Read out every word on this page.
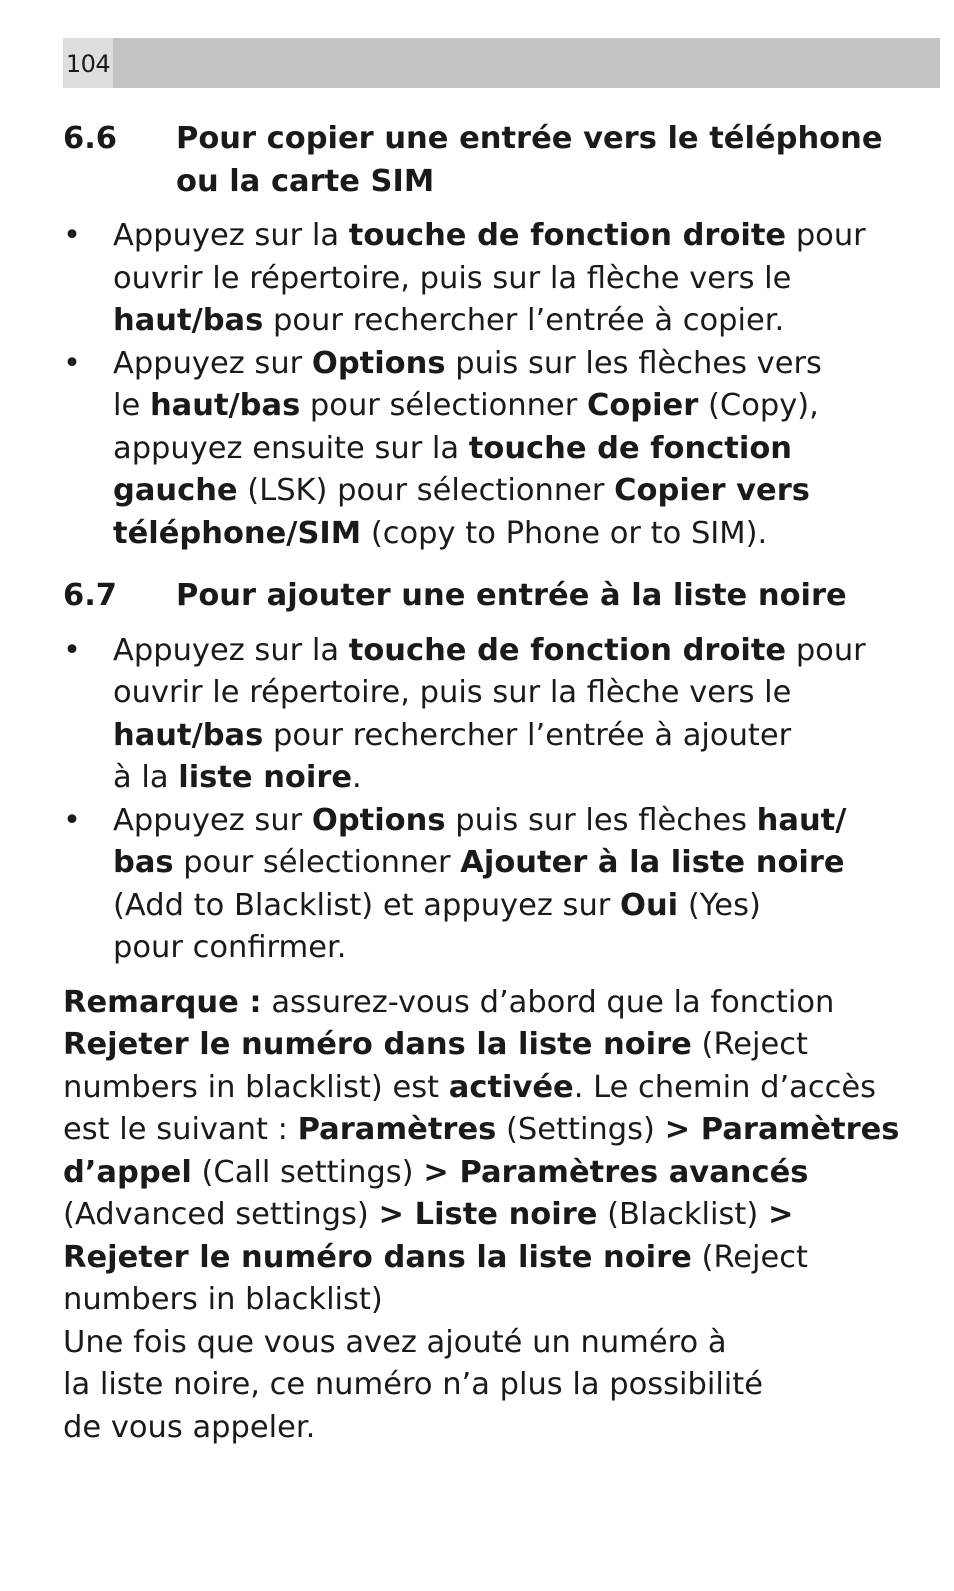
104
6.6	Pour copier une entrée vers le téléphone
ou la carte SIM
• Appuyez sur la touche de fonction droite pour
ouvrir le répertoire, puis sur la flèche vers le
haut/bas pour rechercher l’entrée à copier.
• Appuyez sur Options puis sur les flèches vers
le haut/bas pour sélectionner Copier (Copy),
appuyez ensuite sur la touche de fonction
gauche (LSK) pour sélectionner Copier vers
téléphone/SIM (copy to Phone or to SIM).
6.7	Pour ajouter une entrée à la liste noire
• Appuyez sur la touche de fonction droite pour
ouvrir le répertoire, puis sur la flèche vers le
haut/bas pour rechercher l’entrée à ajouter
à la liste noire.
• Appuyez sur Options puis sur les flèches haut/
bas pour sélectionner Ajouter à la liste noire
(Add to Blacklist) et appuyez sur Oui (Yes)
pour confirmer.
Remarque : assurez-vous d’abord que la fonction
Rejeter le numéro dans la liste noire (Reject
numbers in blacklist) est activée. Le chemin d’accès
est le suivant : Paramètres (Settings) > Paramètres
d’appel (Call settings) > Paramètres avancés
(Advanced settings) > Liste noire (Blacklist) >
Rejeter le numéro dans la liste noire (Reject
numbers in blacklist)
Une fois que vous avez ajouté un numéro à
la liste noire, ce numéro n’a plus la possibilité
de vous appeler.
